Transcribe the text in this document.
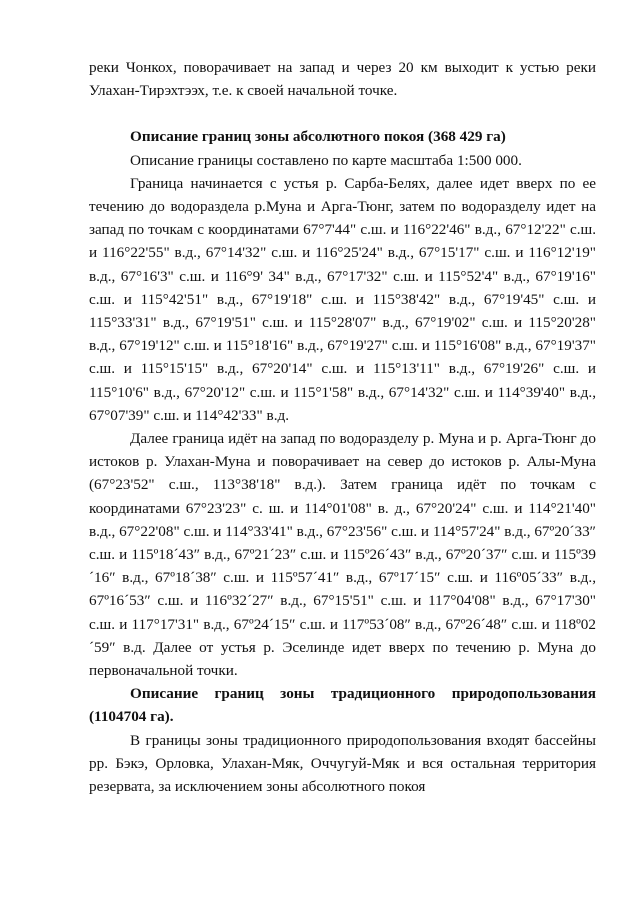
реки Чонкох, поворачивает на запад и через 20 км выходит к устью реки Улахан-Тирэхтээх, т.е. к своей начальной точке.

Описание границ зоны абсолютного покоя (368 429 га)

Описание границы составлено по карте масштаба 1:500 000.

Граница начинается с устья р. Сарба-Белях, далее идет вверх по ее течению до водораздела р.Муна и Арга-Тюнг, затем по водоразделу идет на запад по точкам с координатами 67°7'44" с.ш. и 116°22'46" в.д., 67°12'22" с.ш. и 116°22'55" в.д., 67°14'32" с.ш. и 116°25'24" в.д., 67°15'17" с.ш. и 116°12'19" в.д., 67°16'3" с.ш. и 116°9' 34" в.д., 67°17'32" с.ш. и 115°52'4" в.д., 67°19'16" с.ш. и 115°42'51" в.д., 67°19'18" с.ш. и 115°38'42" в.д., 67°19'45" с.ш. и 115°33'31" в.д., 67°19'51" с.ш. и 115°28'07" в.д., 67°19'02" с.ш. и 115°20'28" в.д., 67°19'12" с.ш. и 115°18'16" в.д., 67°19'27" с.ш. и 115°16'08" в.д., 67°19'37" с.ш. и 115°15'15" в.д., 67°20'14" с.ш. и 115°13'11" в.д., 67°19'26" с.ш. и 115°10'6" в.д., 67°20'12" с.ш. и 115°1'58" в.д., 67°14'32" с.ш. и 114°39'40" в.д., 67°07'39" с.ш. и 114°42'33" в.д.

Далее граница идёт на запад по водоразделу р. Муна и р. Арга-Тюнг до истоков р. Улахан-Муна и поворачивает на север до истоков р. Алы-Муна (67°23'52" с.ш., 113°38'18" в.д.). Затем граница идёт по точкам с координатами 67°23'23" с. ш. и 114°01'08" в. д., 67°20'24" с.ш. и 114°21'40" в.д., 67°22'08" с.ш. и 114°33'41" в.д., 67°23'56" с.ш. и 114°57'24" в.д., 67º20´33″ с.ш. и 115º18´43″ в.д., 67º21´23″ с.ш. и 115º26´43″ в.д., 67º20´37″ с.ш. и 115º39´16″ в.д., 67º18´38″ с.ш. и 115º57´41″ в.д., 67º17´15″ с.ш. и 116º05´33″ в.д., 67º16´53″ с.ш. и 116º32´27″ в.д., 67°15'51" с.ш. и 117°04'08" в.д., 67°17'30" с.ш. и 117°17'31" в.д., 67º24´15″ с.ш. и 117º53´08″ в.д., 67º26´48″ с.ш. и 118º02´59″ в.д. Далее от устья р. Эселинде идет вверх по течению р. Муна до первоначальной точки.

Описание границ зоны традиционного природопользования (1104704 га).

В границы зоны традиционного природопользования входят бассейны рр. Бэкэ, Орловка, Улахан-Мяк, Оччугуй-Мяк и вся остальная территория резервата, за исключением зоны абсолютного покоя
